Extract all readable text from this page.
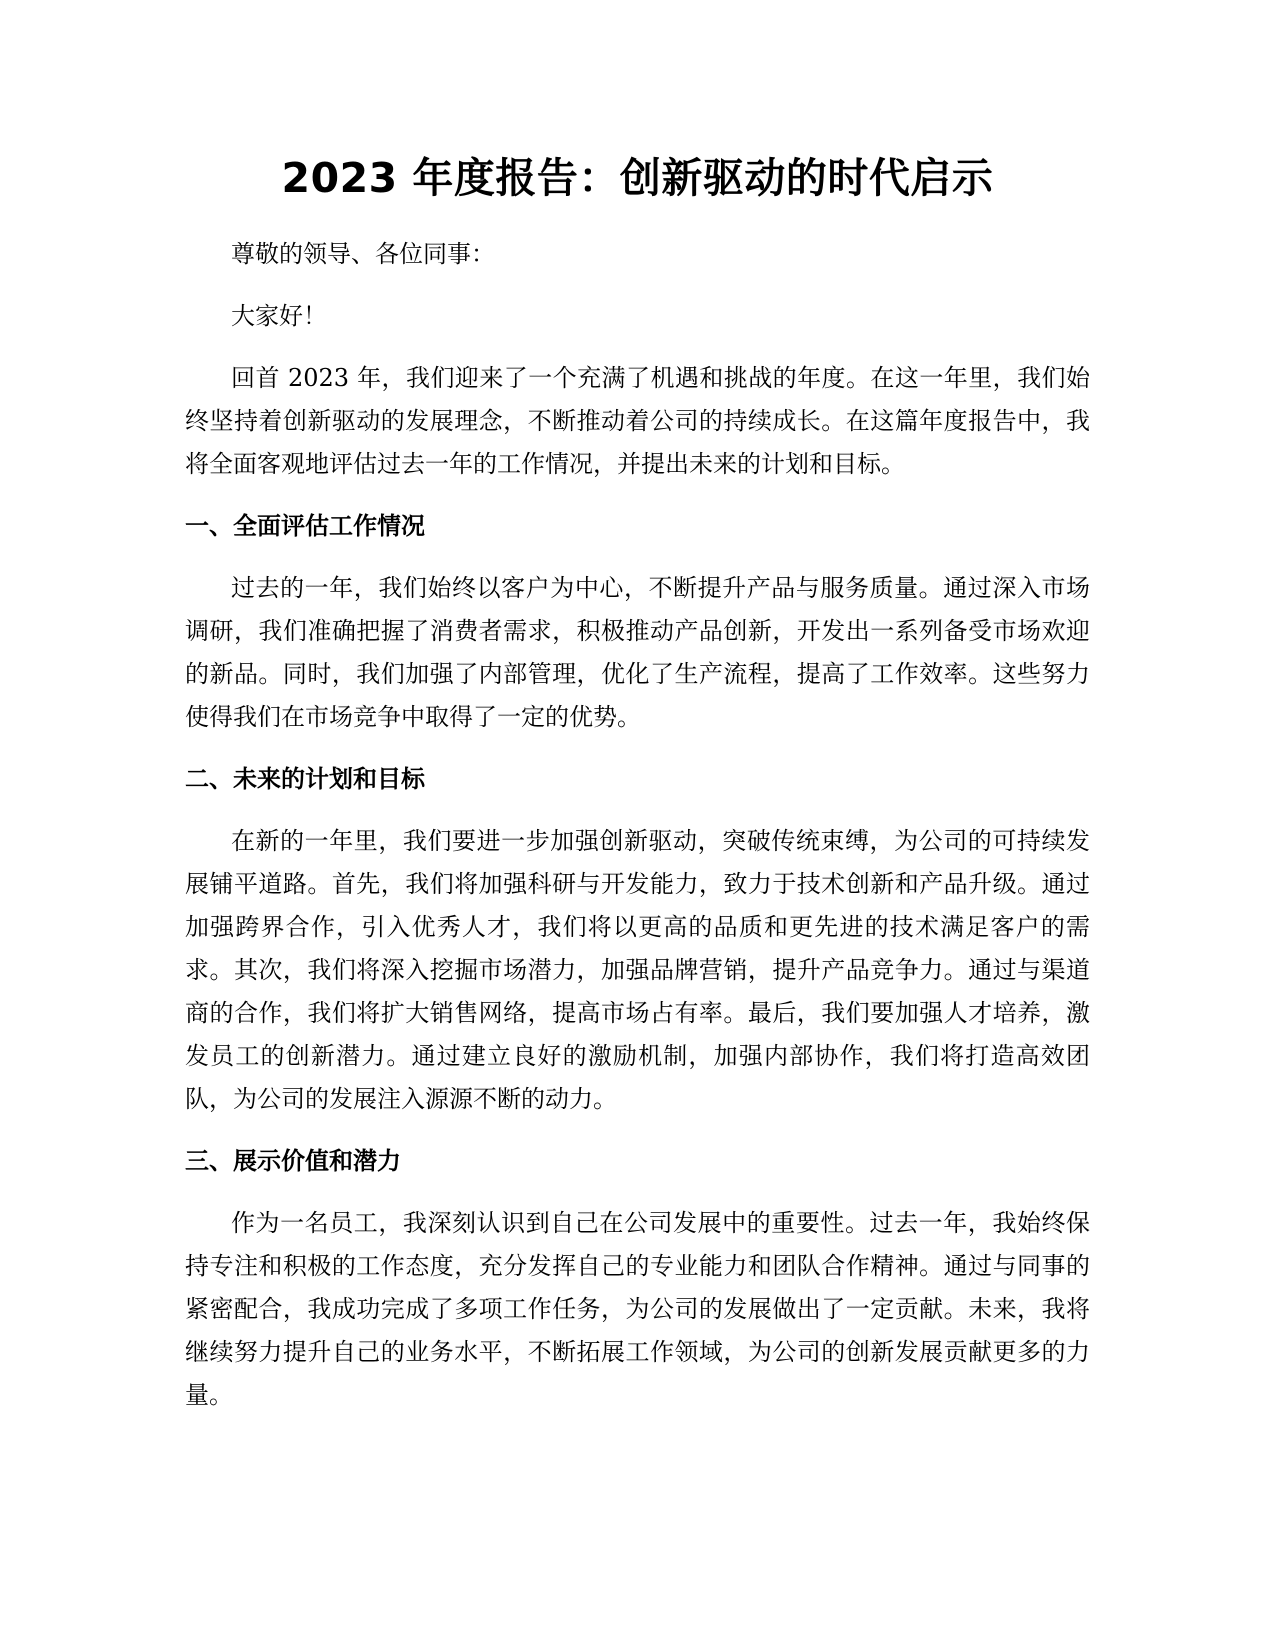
2023 年度报告：创新驱动的时代启示

尊敬的领导、各位同事：

大家好！

回首 2023 年，我们迎来了一个充满了机遇和挑战的年度。在这一年里，我们始终坚持着创新驱动的发展理念，不断推动着公司的持续成长。在这篇年度报告中，我将全面客观地评估过去一年的工作情况，并提出未来的计划和目标。

一、全面评估工作情况

过去的一年，我们始终以客户为中心，不断提升产品与服务质量。通过深入市场调研，我们准确把握了消费者需求，积极推动产品创新，开发出一系列备受市场欢迎的新品。同时，我们加强了内部管理，优化了生产流程，提高了工作效率。这些努力使得我们在市场竞争中取得了一定的优势。

二、未来的计划和目标

在新的一年里，我们要进一步加强创新驱动，突破传统束缚，为公司的可持续发展铺平道路。首先，我们将加强科研与开发能力，致力于技术创新和产品升级。通过加强跨界合作，引入优秀人才，我们将以更高的品质和更先进的技术满足客户的需求。其次，我们将深入挖掘市场潜力，加强品牌营销，提升产品竞争力。通过与渠道商的合作，我们将扩大销售网络，提高市场占有率。最后，我们要加强人才培养，激发员工的创新潜力。通过建立良好的激励机制，加强内部协作，我们将打造高效团队，为公司的发展注入源源不断的动力。

三、展示价值和潜力

作为一名员工，我深刻认识到自己在公司发展中的重要性。过去一年，我始终保持专注和积极的工作态度，充分发挥自己的专业能力和团队合作精神。通过与同事的紧密配合，我成功完成了多项工作任务，为公司的发展做出了一定贡献。未来，我将继续努力提升自己的业务水平，不断拓展工作领域，为公司的创新发展贡献更多的力量。
